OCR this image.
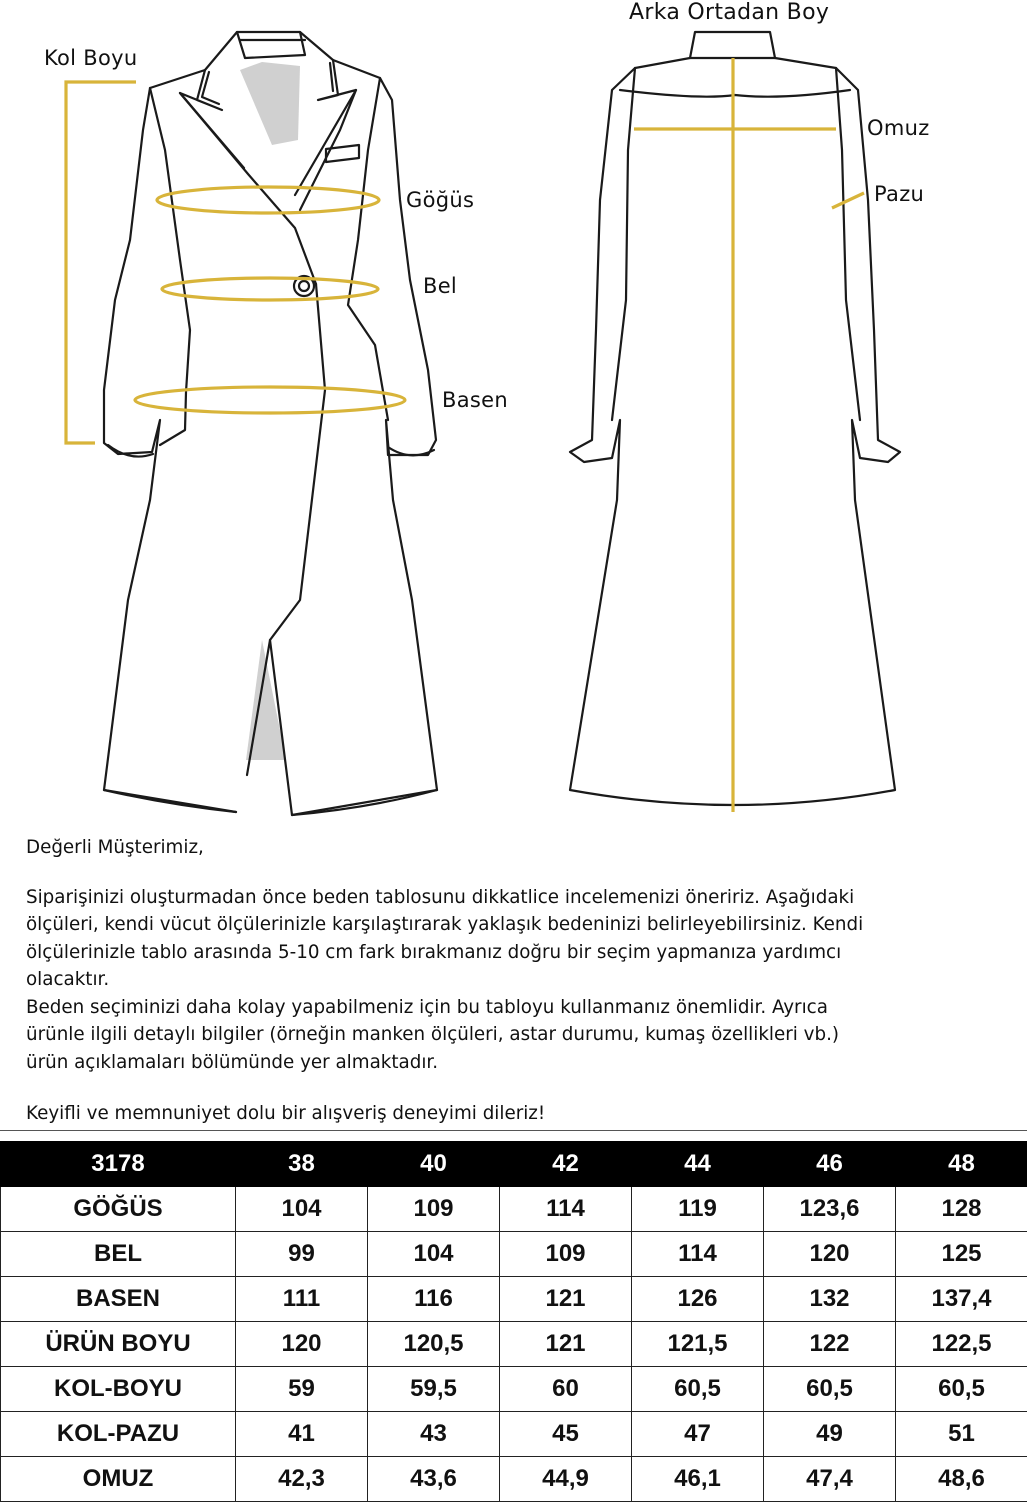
Kol Boyu
Göğüs
Bel
Basen
Arka Ortadan Boy
Omuz
Pazu

Değerli Müşterimiz,

Siparişinizi oluşturmadan önce beden tablosunu dikkatlice incelemenizi öneririz. Aşağıdaki

ölçüleri, kendi vücut ölçülerinizle karşılaştırarak yaklaşık bedeninizi belirleyebilirsiniz. Kendi

ölçülerinizle tablo arasında 5-10 cm fark bırakmanız doğru bir seçim yapmanıza yardımcı

olacaktır.

Beden seçiminizi daha kolay yapabilmeniz için bu tabloyu kullanmanız önemlidir. Ayrıca

ürünle ilgili detaylı bilgiler (örneğin manken ölçüleri, astar durumu, kumaş özellikleri vb.)

ürün açıklamaları bölümünde yer almaktadır.

Keyifli ve memnuniyet dolu bir alışveriş deneyimi dileriz!

3178	38	40	42	44	46	48
GÖĞÜS	104	109	114	119	123,6	128
BEL	99	104	109	114	120	125
BASEN	111	116	121	126	132	137,4
ÜRÜN BOYU	120	120,5	121	121,5	122	122,5
KOL-BOYU	59	59,5	60	60,5	60,5	60,5
KOL-PAZU	41	43	45	47	49	51
OMUZ	42,3	43,6	44,9	46,1	47,4	48,6
